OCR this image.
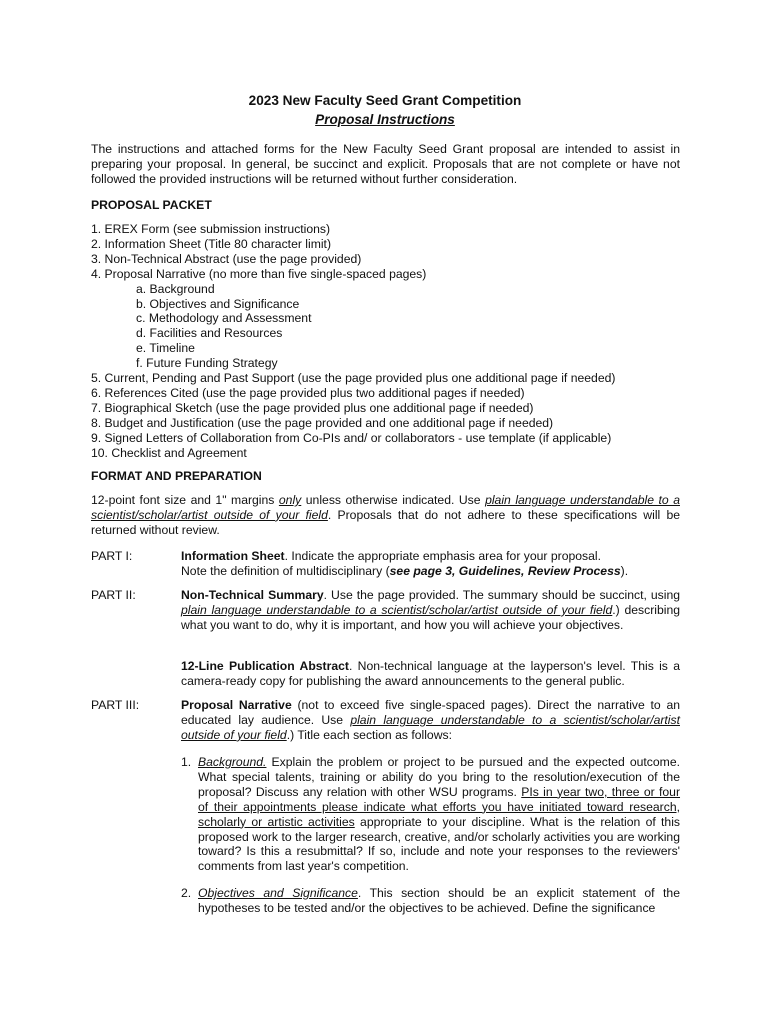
2023 New Faculty Seed Grant Competition
Proposal Instructions
The instructions and attached forms for the New Faculty Seed Grant proposal are intended to assist in preparing your proposal. In general, be succinct and explicit. Proposals that are not complete or have not followed the provided instructions will be returned without further consideration.
PROPOSAL PACKET
1. EREX Form (see submission instructions)
2. Information Sheet (Title 80 character limit)
3. Non-Technical Abstract (use the page provided)
4. Proposal Narrative (no more than five single-spaced pages)
a. Background
b. Objectives and Significance
c. Methodology and Assessment
d. Facilities and Resources
e. Timeline
f. Future Funding Strategy
5. Current, Pending and Past Support (use the page provided plus one additional page if needed)
6. References Cited (use the page provided plus two additional pages if needed)
7. Biographical Sketch (use the page provided plus one additional page if needed)
8. Budget and Justification (use the page provided and one additional page if needed)
9. Signed Letters of Collaboration from Co-PIs and/ or collaborators - use template (if applicable)
10. Checklist and Agreement
FORMAT AND PREPARATION
12-point font size and 1" margins only unless otherwise indicated. Use plain language understandable to a scientist/scholar/artist outside of your field. Proposals that do not adhere to these specifications will be returned without review.
PART I:	Information Sheet. Indicate the appropriate emphasis area for your proposal.
Note the definition of multidisciplinary (see page 3, Guidelines, Review Process).
PART II:	Non-Technical Summary. Use the page provided. The summary should be succinct, using plain language understandable to a scientist/scholar/artist outside of your field.) describing what you want to do, why it is important, and how you will achieve your objectives.
12-Line Publication Abstract. Non-technical language at the layperson's level. This is a camera-ready copy for publishing the award announcements to the general public.
PART III:	Proposal Narrative (not to exceed five single-spaced pages). Direct the narrative to an educated lay audience. Use plain language understandable to a scientist/scholar/artist outside of your field.) Title each section as follows:
1. Background. Explain the problem or project to be pursued and the expected outcome. What special talents, training or ability do you bring to the resolution/execution of the proposal? Discuss any relation with other WSU programs. PIs in year two, three or four of their appointments please indicate what efforts you have initiated toward research, scholarly or artistic activities appropriate to your discipline. What is the relation of this proposed work to the larger research, creative, and/or scholarly activities you are working toward? Is this a resubmittal? If so, include and note your responses to the reviewers' comments from last year's competition.
2. Objectives and Significance. This section should be an explicit statement of the hypotheses to be tested and/or the objectives to be achieved. Define the significance
